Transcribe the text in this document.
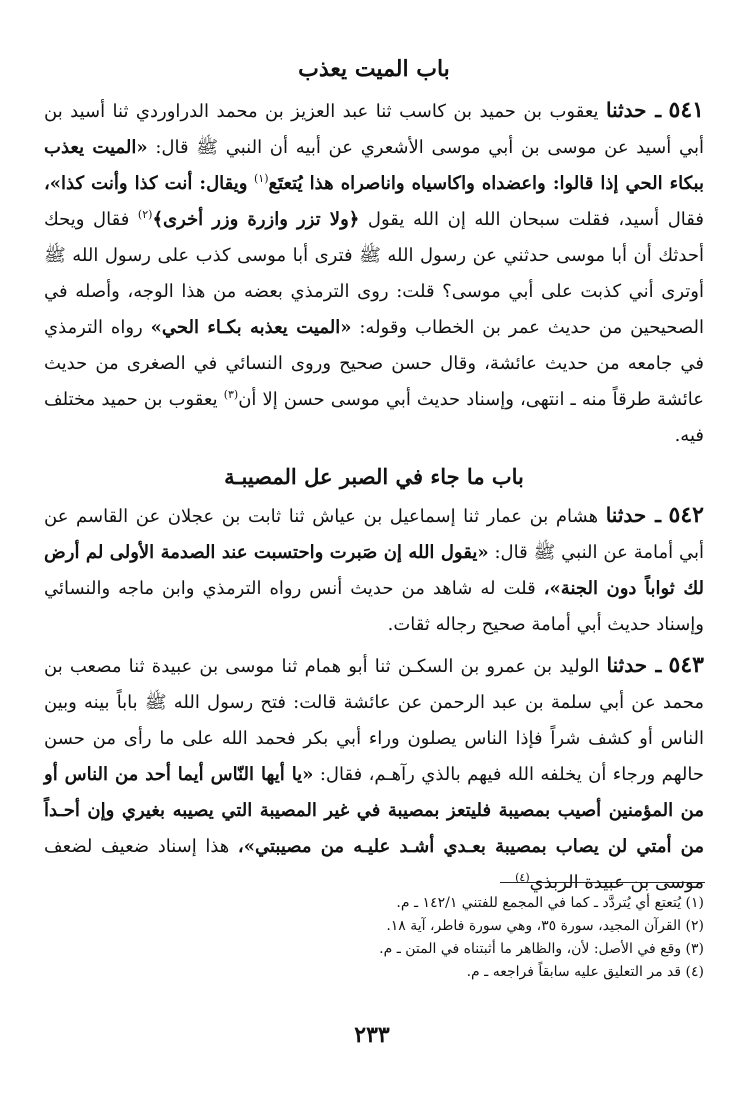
باب الميت يعذب

٥٤١ ـ حدثنا يعقوب بن حميد بن كاسب ثنا عبد العزيز بن محمد الدراوردي ثنا أسيد بن أبي أسيد عن موسى بن أبي موسى الأشعري عن أبيه أن النبي ﷺ قال: «الميت يعذب ببكاء الحي إذا قالوا: واعضداه واكاسياه واناصراه هذا يُتعتَع$^{(١)}$ ويقال: أنت كذا وأنت كذا»، فقال أسيد، فقلت سبحان الله إن الله يقول ﴿ولا تزر وازرة وزر أخرى﴾$^{(٢)}$ فقال ويحك أحدثك أن أبا موسى حدثني عن رسول الله ﷺ فترى أبا موسى كذب على رسول الله ﷺ أوترى أني كذبت على أبي موسى؟ قلت: روى الترمذي بعضه من هذا الوجه، وأصله في الصحيحين من حديث عمر بن الخطاب وقوله: «الميت يعذبه بكـاء الحي» رواه الترمذي في جامعه من حديث عائشة، وقال حسن صحيح وروى النسائي في الصغرى من حديث عائشة طرقاً منه ـ انتهى، وإسناد حديث أبي موسى حسن إلا أن$^{(٣)}$ يعقوب بن حميد مختلف فيه.

باب ما جاء في الصبر عل المصيبـة

٥٤٢ ـ حدثنا هشام بن عمار ثنا إسماعيل بن عياش ثنا ثابت بن عجلان عن القاسم عن أبي أمامة عن النبي ﷺ قال: «يقول الله إن صَبرت واحتسبت عند الصدمة الأولى لم أرض لك ثواباً دون الجنة»، قلت له شاهد من حديث أنس رواه الترمذي وابن ماجه والنسائي وإسناد حديث أبي أمامة صحيح رجاله ثقات.

٥٤٣ ـ حدثنا الوليد بن عمرو بن السكـن ثنا أبو همام ثنا موسى بن عبيدة ثنا مصعب بن محمد عن أبي سلمة بن عبد الرحمن عن عائشة قالت: فتح رسول الله ﷺ باباً بينه وبين الناس أو كشف شراً فإذا الناس يصلون وراء أبي بكر فحمد الله على ما رأى من حسن حالهم ورجاء أن يخلفه الله فيهم بالذي رآهـم، فقال: «يا أيها النّاس أيما أحد من الناس أو من المؤمنين أصيب بمصيبة فليتعز بمصيبة في غير المصيبة التي يصيبه بغيري وإن أحـداً من أمتي لن يصاب بمصيبة بعـدي أشـد عليـه من مصيبتي»، هذا إسناد ضعيف لضعف موسى بن عبيدة الربذي$^{(٤)}$

(١) يُتعتع أي يُتردَّد ـ كما في المجمع للفتني ١٤٢/١ ـ م.

(٢) القرآن المجيد، سورة ٣٥، وهي سورة فاطر، آية ١٨.

(٣) وقع في الأصل: لأن، والظاهر ما أثبتناه في المتن ـ م.

(٤) قد مر التعليق عليه سابقاً فراجعه ـ م.

٢٣٣
